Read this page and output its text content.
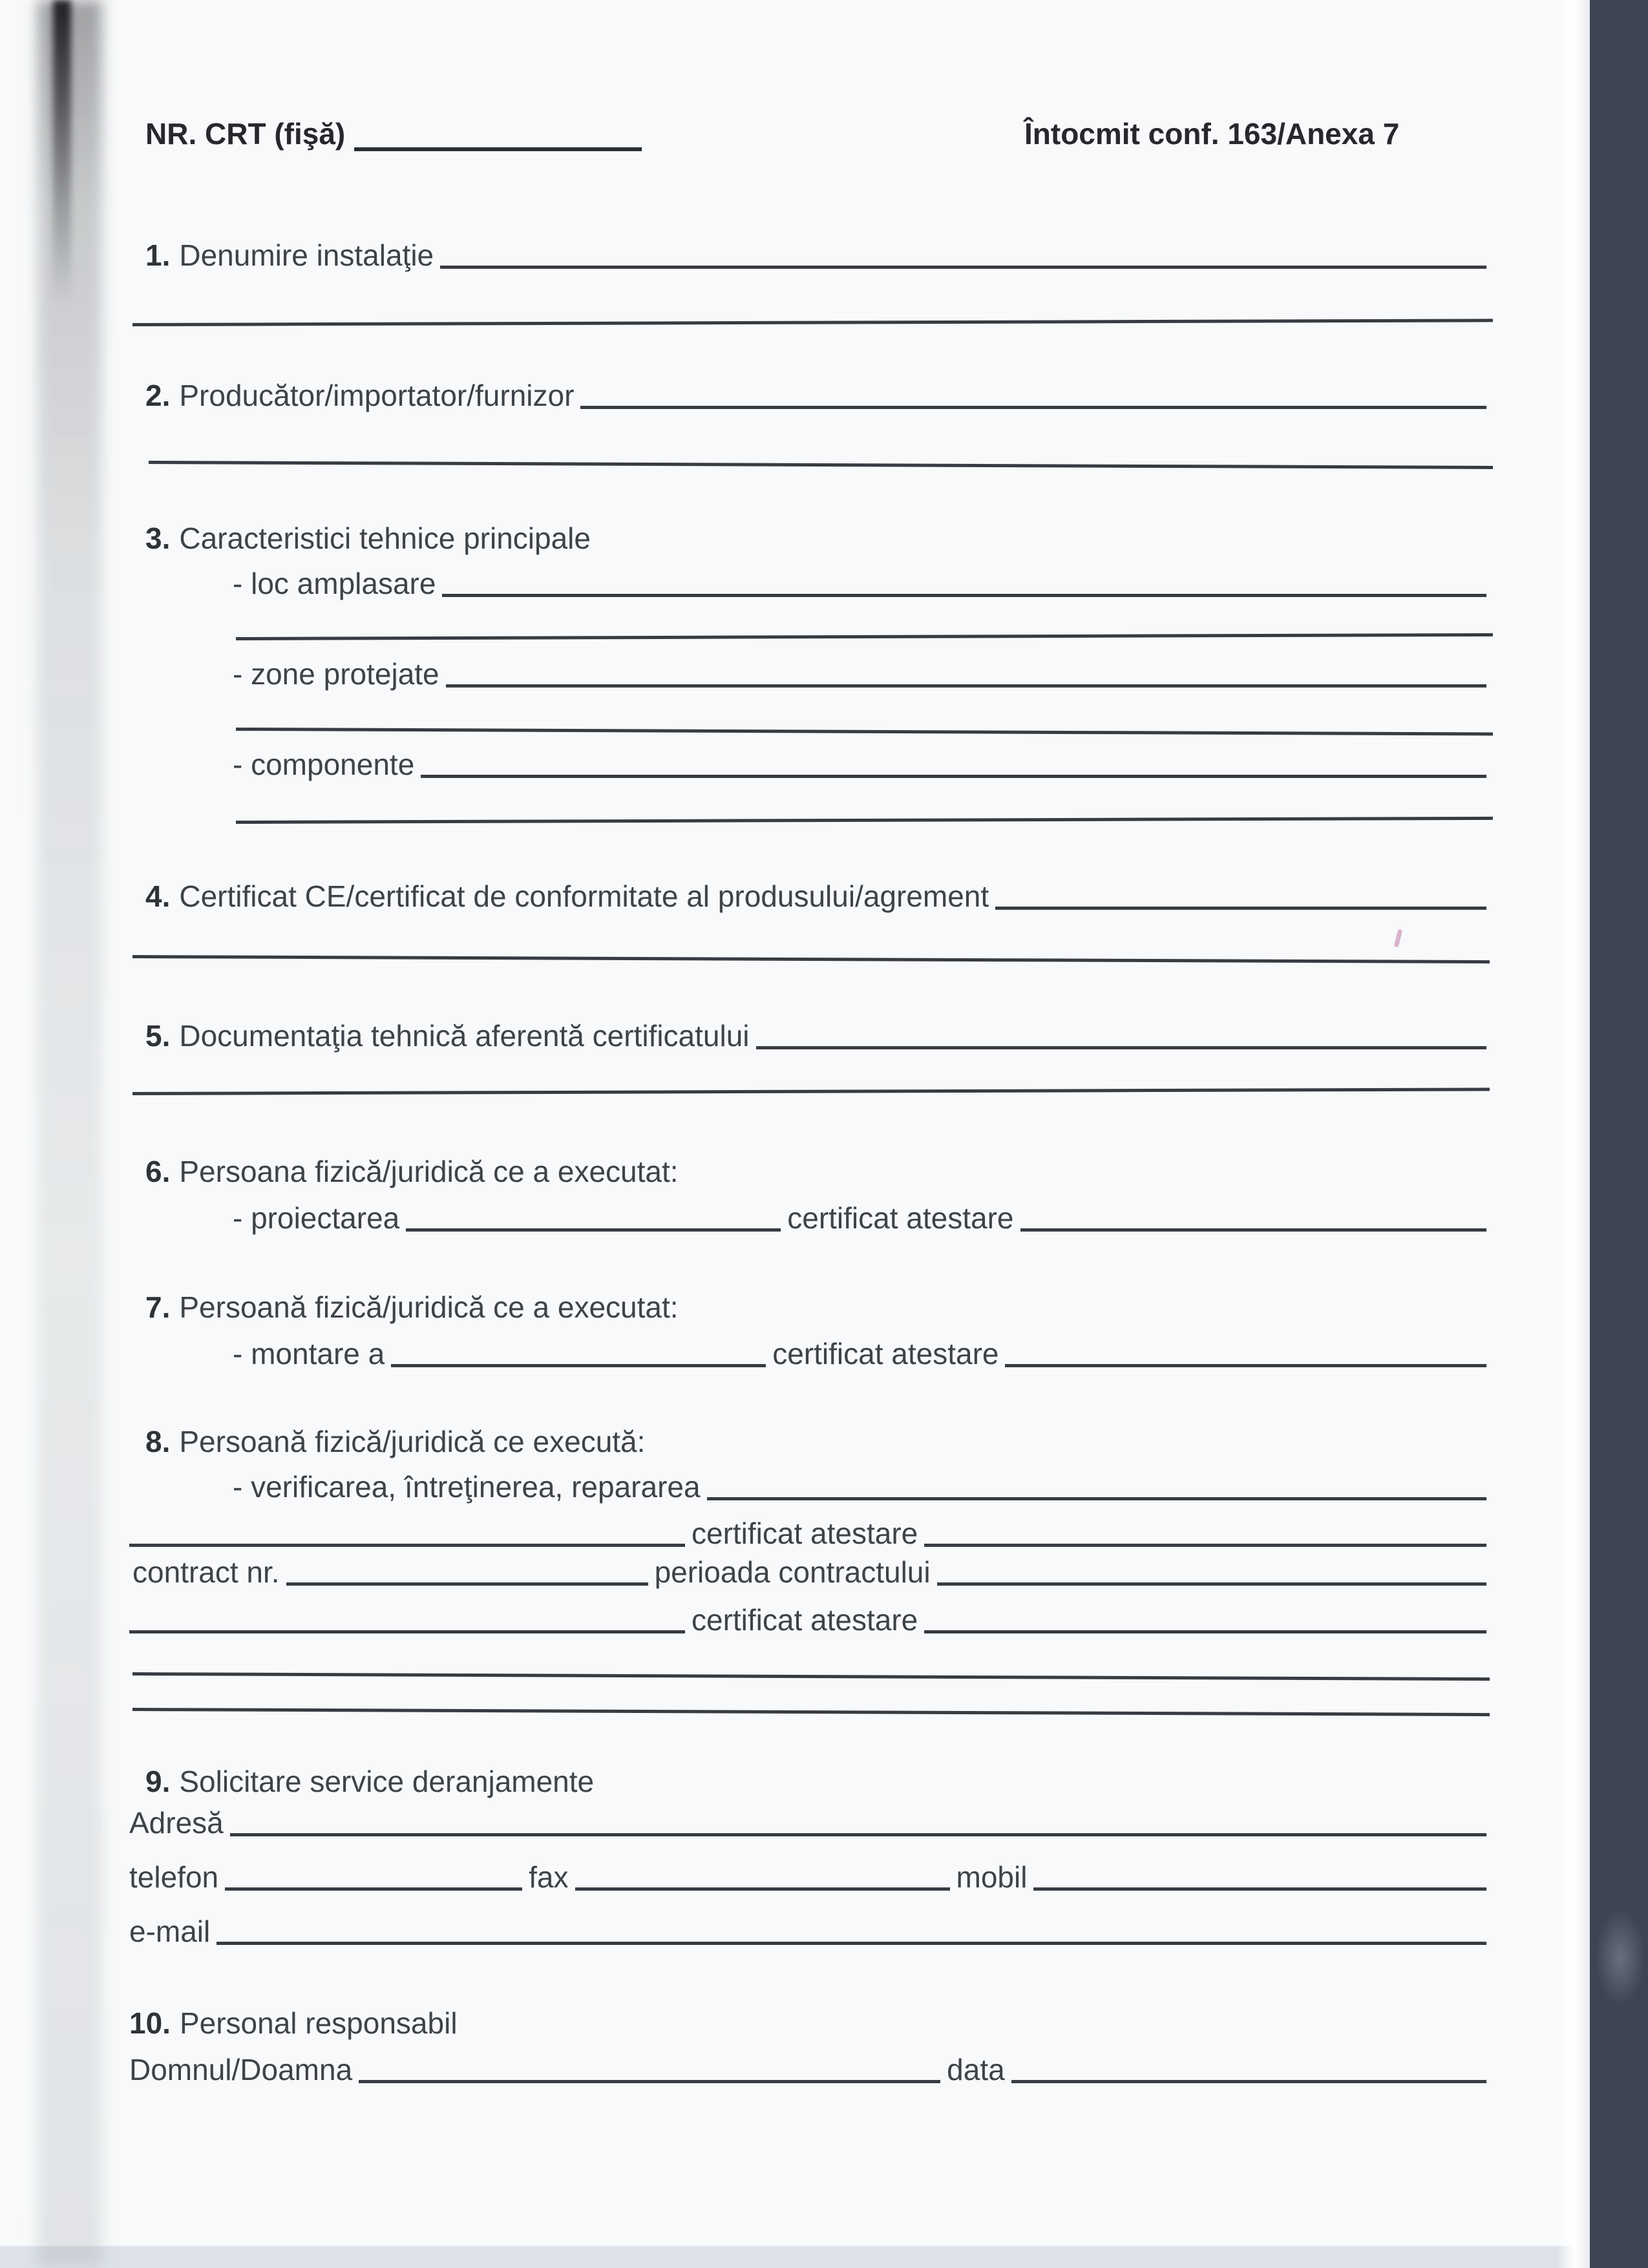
NR. CRT (fişă)	Întocmit conf. 163/Anexa 7
1. Denumire instalaţie
2. Producător/importator/furnizor
3. Caracteristici tehnice principale
- loc amplasare
- zone protejate
- componente
4. Certificat CE/certificat de conformitate al produsului/agrement
5. Documentaţia tehnică aferentă certificatului
6. Persoana fizică/juridică ce a executat:
- proiectarea	certificat atestare
7. Persoană fizică/juridică ce a executat:
- montare a	certificat atestare
8. Persoană fizică/juridică ce execută:
- verificarea, întreţinerea, repararea
certificat atestare
contract nr.	perioada contractului
certificat atestare
9. Solicitare service deranjamente
Adresă
telefon	fax	mobil
e-mail
10. Personal responsabil
Domnul/Doamna	data
